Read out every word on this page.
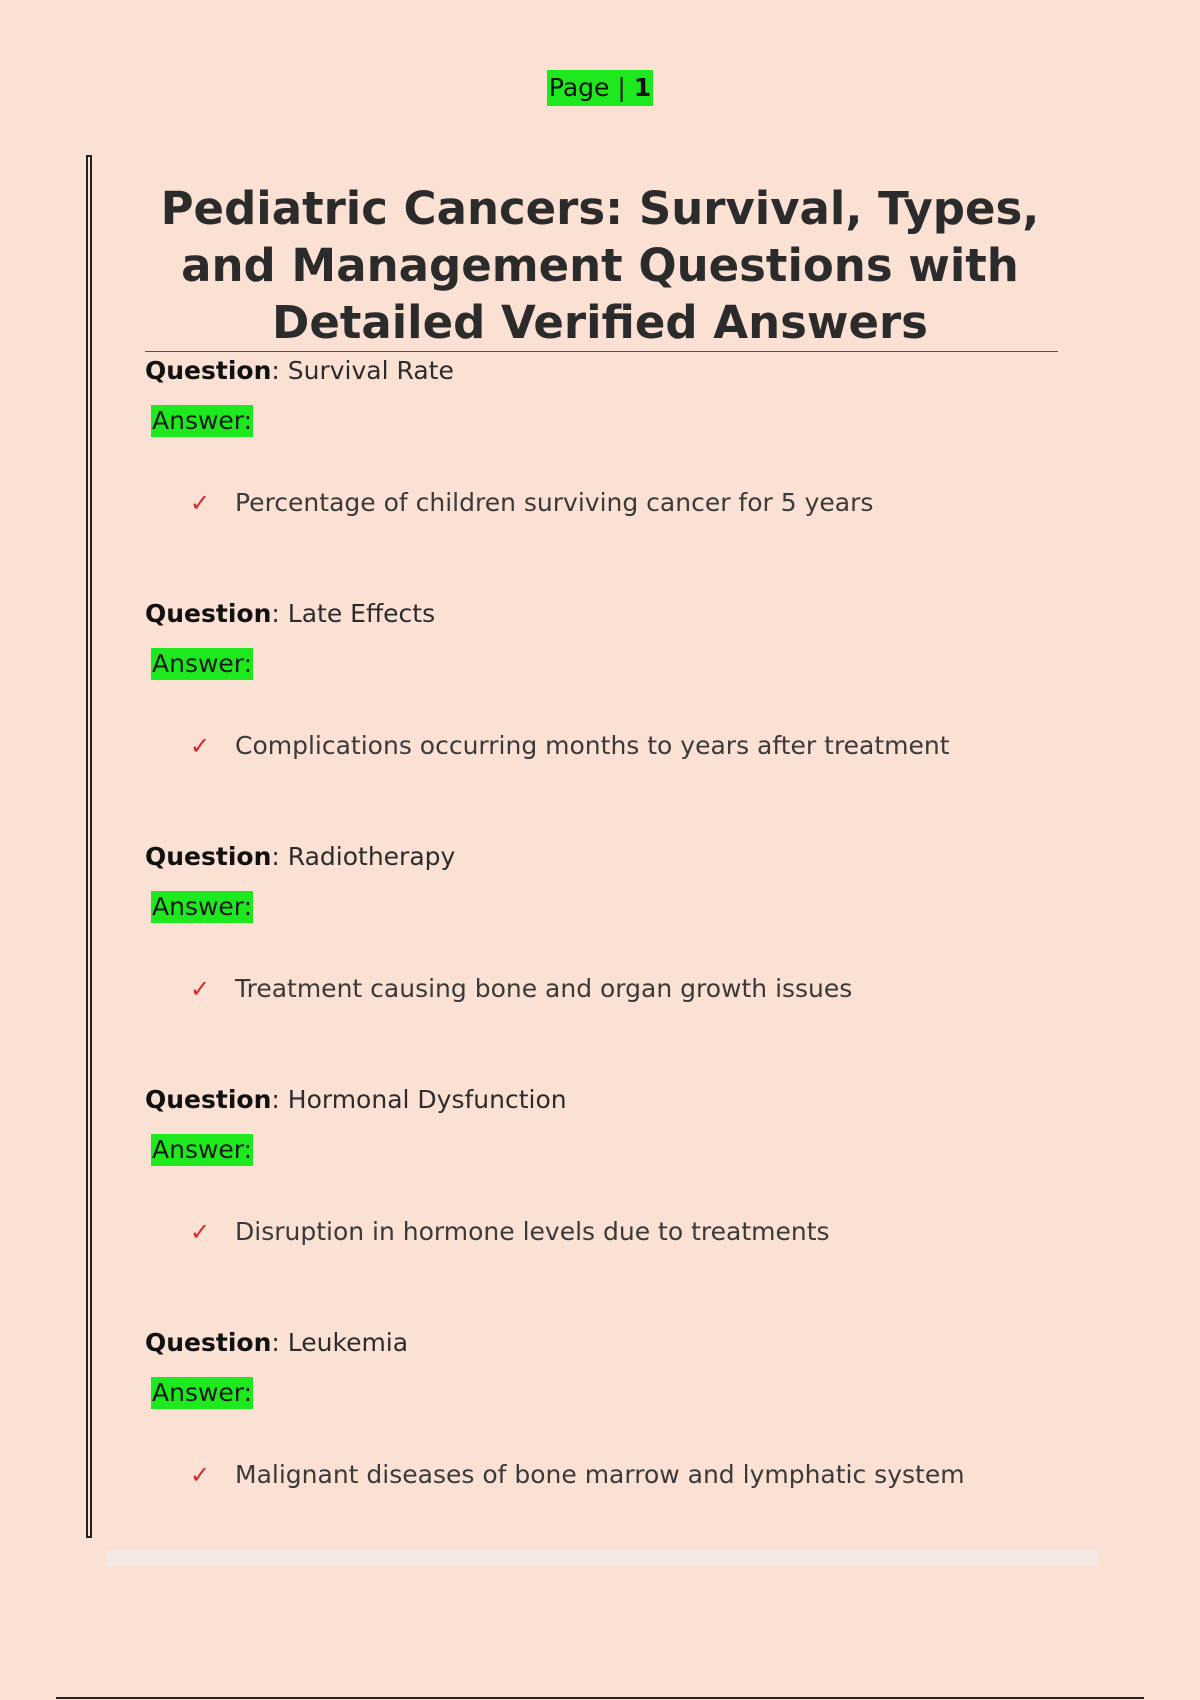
Page | 1
Pediatric Cancers: Survival, Types, and Management Questions with Detailed Verified Answers
Question: Survival Rate
Answer:
✓ Percentage of children surviving cancer for 5 years
Question: Late Effects
Answer:
✓ Complications occurring months to years after treatment
Question: Radiotherapy
Answer:
✓ Treatment causing bone and organ growth issues
Question: Hormonal Dysfunction
Answer:
✓ Disruption in hormone levels due to treatments
Question: Leukemia
Answer:
✓ Malignant diseases of bone marrow and lymphatic system
